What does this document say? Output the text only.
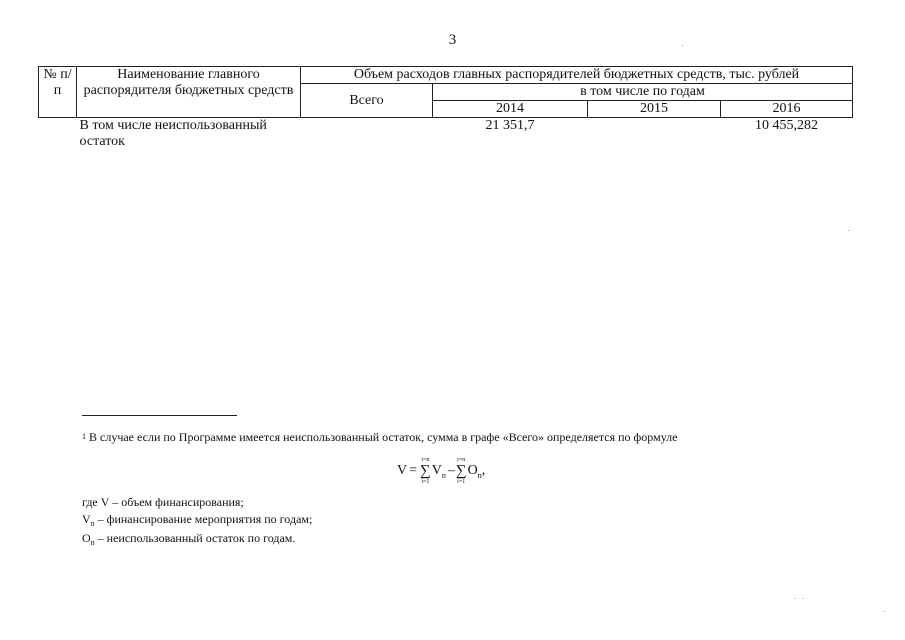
3
№ п/п	Наименование главного распорядителя бюджетных средств	Объем расходов главных распорядителей бюджетных средств, тыс. рублей			
		Всего	в том числе по годам		
			2014	2015	2016
	В том числе неиспользованный остаток		21 351,7		10 455,282
$^1$ В случае если по Программе имеется неиспользованный остаток, сумма в графе «Всего» определяется по формуле
V =
i=n
∑
i=1
V n –
i=n
∑
i=1
O n ,
где V – объем финансирования;
$V_n$ – финансирование мероприятия по годам;
$O_n$ – неиспользованный остаток по годам.
